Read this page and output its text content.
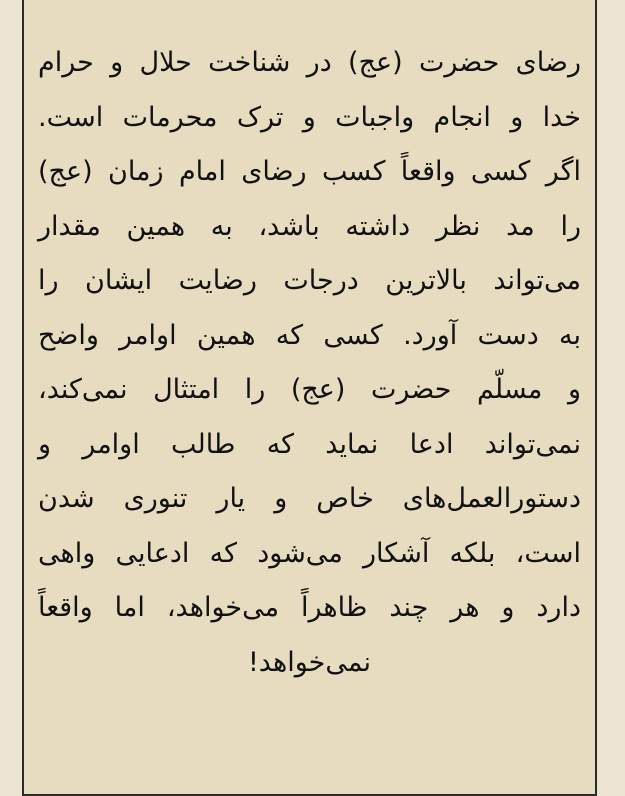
رضای حضرت (عج) در شناخت حلال و حرام
خدا و انجام واجبات و ترک محرمات است.
اگر کسی واقعاً کسب رضای امام زمان (عج)
را مد نظر داشته باشد، به همین مقدار
می‌تواند بالاترین درجات رضایت ایشان را
به دست آورد. کسی که همین اوامر واضح
و مسلّم حضرت (عج) را امتثال نمی‌کند،
نمی‌تواند ادعا نماید که طالب اوامر و
دستورالعمل‌های خاص و یار تنوری شدن
است، بلکه آشکار می‌شود که ادعایی واهی
دارد و هر چند ظاهراً می‌خواهد، اما واقعاً
نمی‌خواهد!
